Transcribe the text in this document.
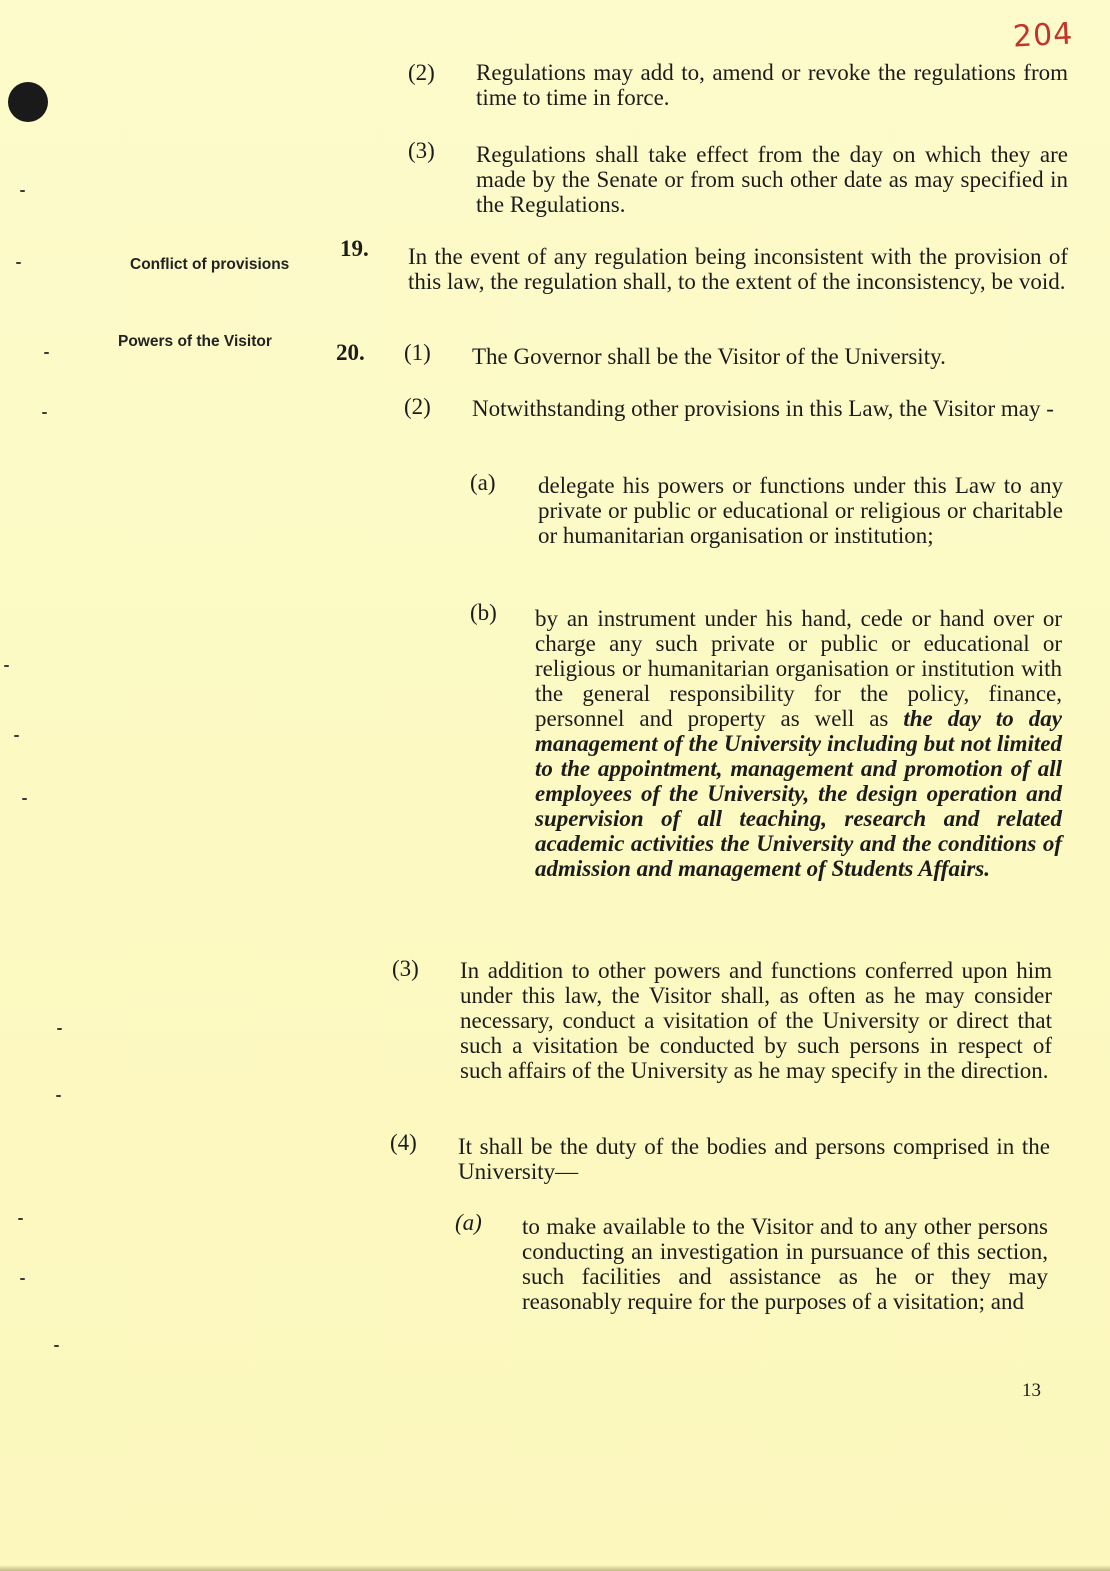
204
(2) Regulations may add to, amend or revoke the regulations from time to time in force.
(3) Regulations shall take effect from the day on which they are made by the Senate or from such other date as may specified in the Regulations.
Conflict of provisions
19. In the event of any regulation being inconsistent with the provision of this law, the regulation shall, to the extent of the inconsistency, be void.
Powers of the Visitor	20. (1) The Governor shall be the Visitor of the University.
(2) Notwithstanding other provisions in this Law, the Visitor may -
(a) delegate his powers or functions under this Law to any private or public or educational or religious or charitable or humanitarian organisation or institution;
(b) by an instrument under his hand, cede or hand over or charge any such private or public or educational or religious or humanitarian organisation or institution with the general responsibility for the policy, finance, personnel and property as well as the day to day management of the University including but not limited to the appointment, management and promotion of all employees of the University, the design operation and supervision of all teaching, research and related academic activities the University and the conditions of admission and management of Students Affairs.
(3) In addition to other powers and functions conferred upon him under this law, the Visitor shall, as often as he may consider necessary, conduct a visitation of the University or direct that such a visitation be conducted by such persons in respect of such affairs of the University as he may specify in the direction.
(4) It shall be the duty of the bodies and persons comprised in the University—
(a) to make available to the Visitor and to any other persons conducting an investigation in pursuance of this section, such facilities and assistance as he or they may reasonably require for the purposes of a visitation; and
13
